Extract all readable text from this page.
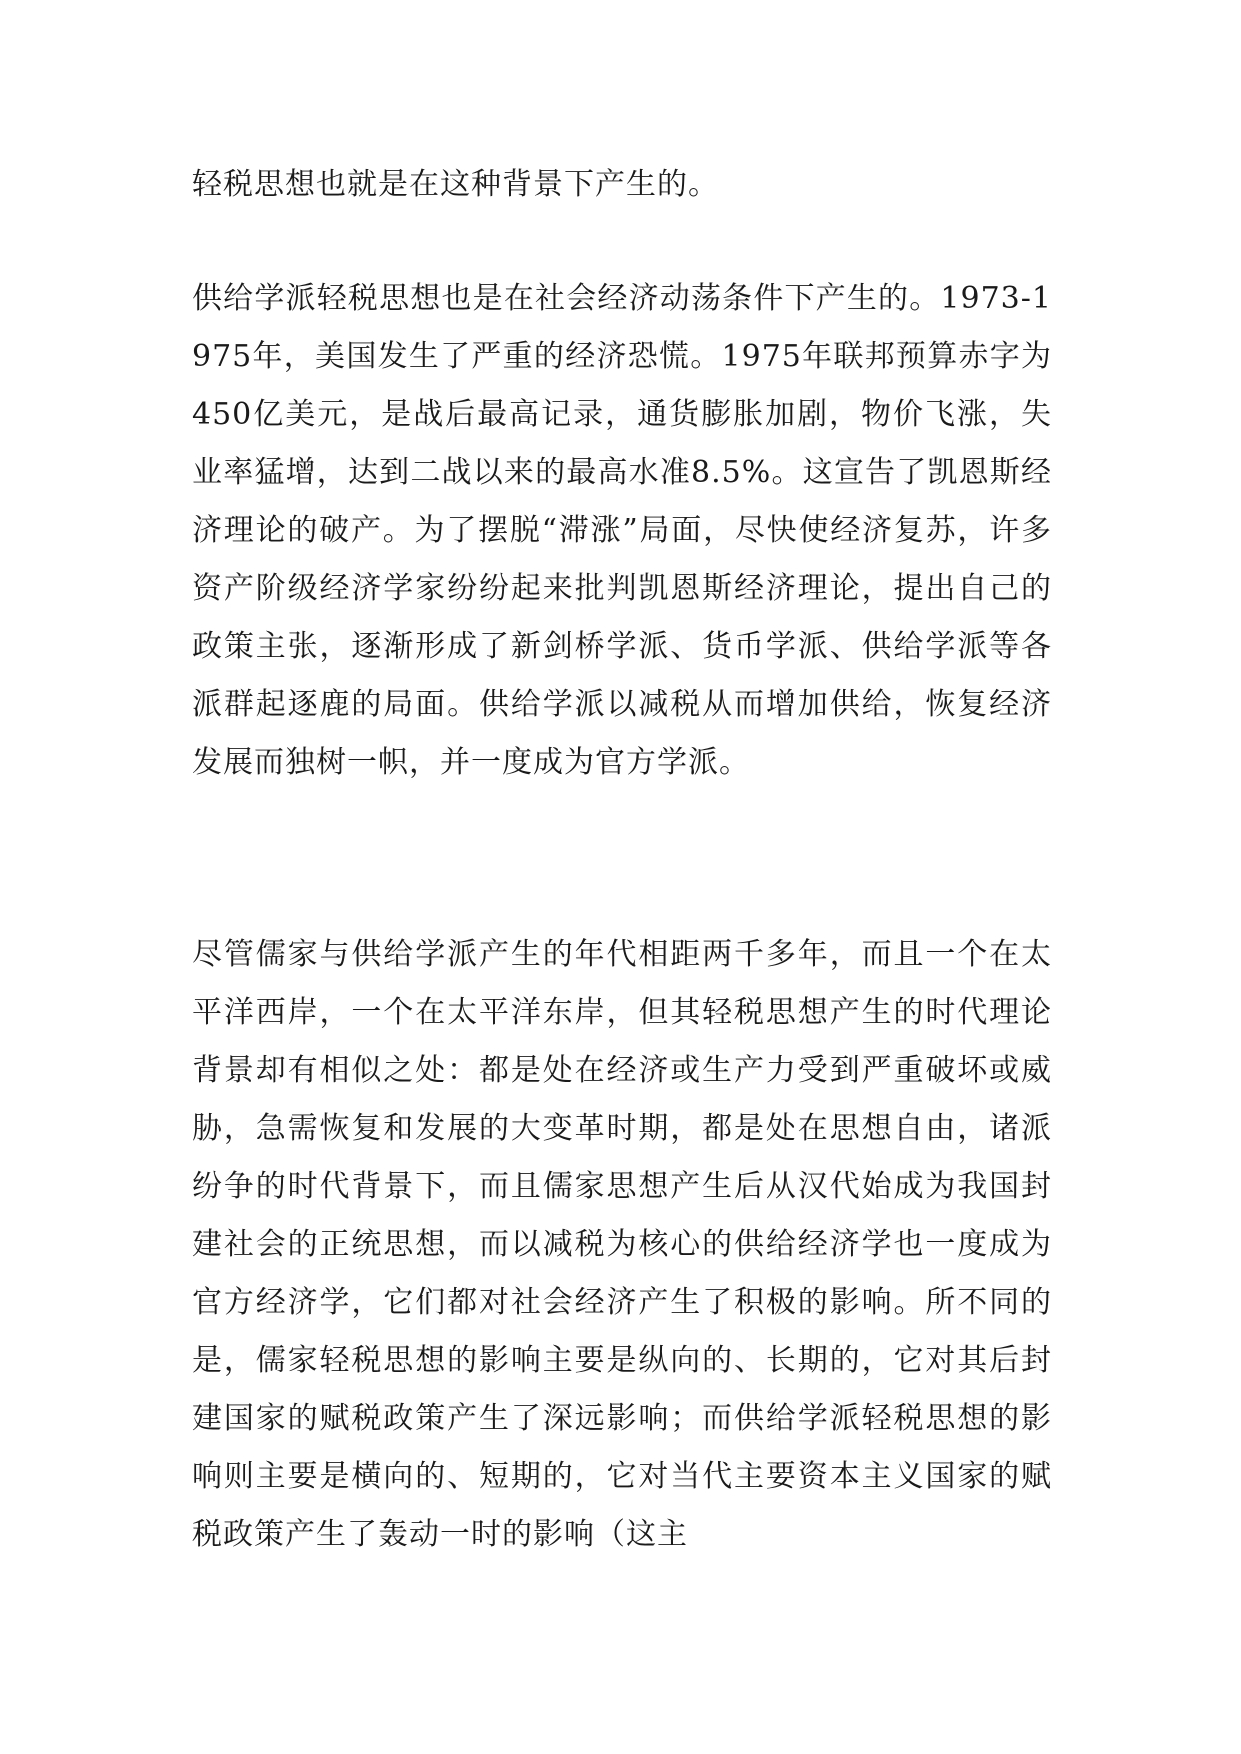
轻税思想也就是在这种背景下产生的。

供给学派轻税思想也是在社会经济动荡条件下产生的。1973-1975年，美国发生了严重的经济恐慌。1975年联邦预算赤字为450亿美元，是战后最高记录，通货膨胀加剧，物价飞涨，失业率猛增，达到二战以来的最高水准8.5%。这宣告了凯恩斯经济理论的破产。为了摆脱“滞涨”局面，尽快使经济复苏，许多资产阶级经济学家纷纷起来批判凯恩斯经济理论，提出自己的政策主张，逐渐形成了新剑桥学派、货币学派、供给学派等各派群起逐鹿的局面。供给学派以减税从而增加供给，恢复经济发展而独树一帜，并一度成为官方学派。

尽管儒家与供给学派产生的年代相距两千多年，而且一个在太平洋西岸，一个在太平洋东岸，但其轻税思想产生的时代理论背景却有相似之处：都是处在经济或生产力受到严重破坏或威胁，急需恢复和发展的大变革时期，都是处在思想自由，诸派纷争的时代背景下，而且儒家思想产生后从汉代始成为我国封建社会的正统思想，而以减税为核心的供给经济学也一度成为官方经济学，它们都对社会经济产生了积极的影响。所不同的是，儒家轻税思想的影响主要是纵向的、长期的，它对其后封建国家的赋税政策产生了深远影响；而供给学派轻税思想的影响则主要是横向的、短期的，它对当代主要资本主义国家的赋税政策产生了轰动一时的影响（这主
